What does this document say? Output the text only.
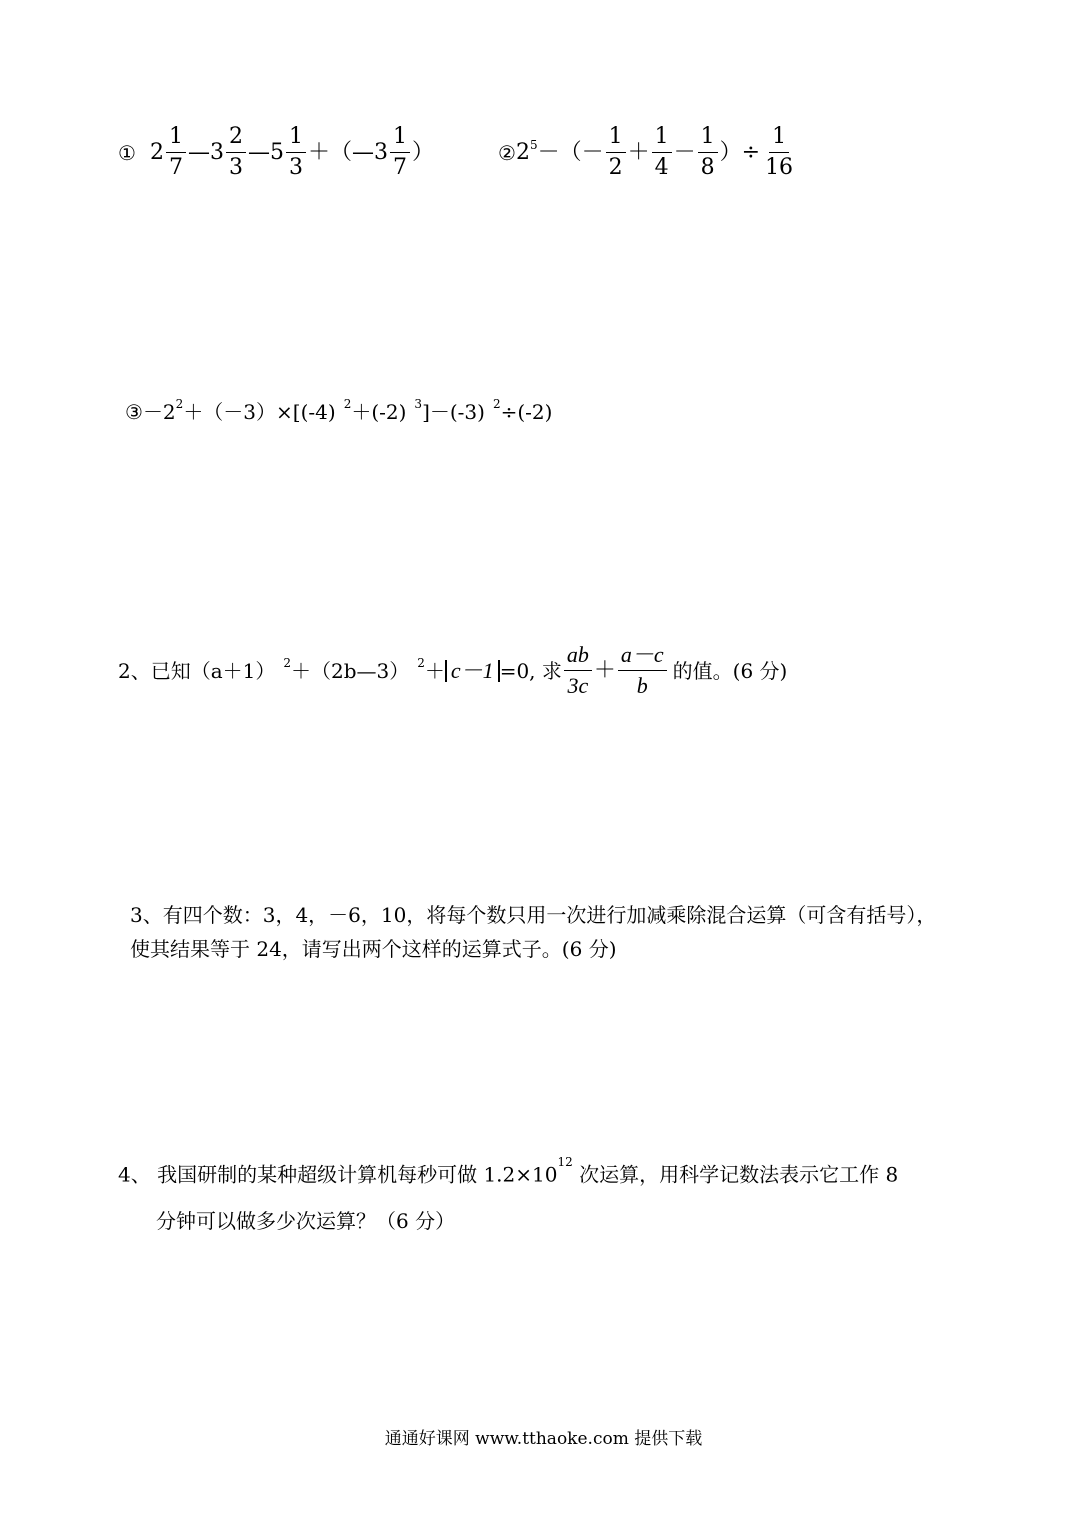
① $2 \frac{1}{7}$ —3 $\frac{2}{3}$ —5 $\frac{1}{3}$ ＋（—3 $\frac{1}{7}$ ）	② $2^5$ －（－ $\frac{1}{2} + \frac{1}{4} - \frac{1}{8}$ ）÷ $\frac{1}{16}$
③ $-2^2 +(-3)\times[(-4)$ $^2$ ＋(-2) $^3$ ]－(-3) $^2$ ÷(-2)
2、已知（a＋1） $^2$ ＋（2b—3） $^2$ ＋ c－1 =0, 求 $\frac{ab}{3c} + \frac{a-c}{b}$ 的值。(6 分)
3、有四个数：3，4，－6，10，将每个数只用一次进行加减乘除混合运算（可含有括号），
使其结果等于 24，请写出两个这样的运算式子。(6 分)
4、 我国研制的某种超级计算机每秒可做 $1.2\times 10^{12}$ 次运算，用科学记数法表示它工作 8
分钟可以做多少次运算？（6 分）
通通好课网 www.tthaoke.com 提供下载
